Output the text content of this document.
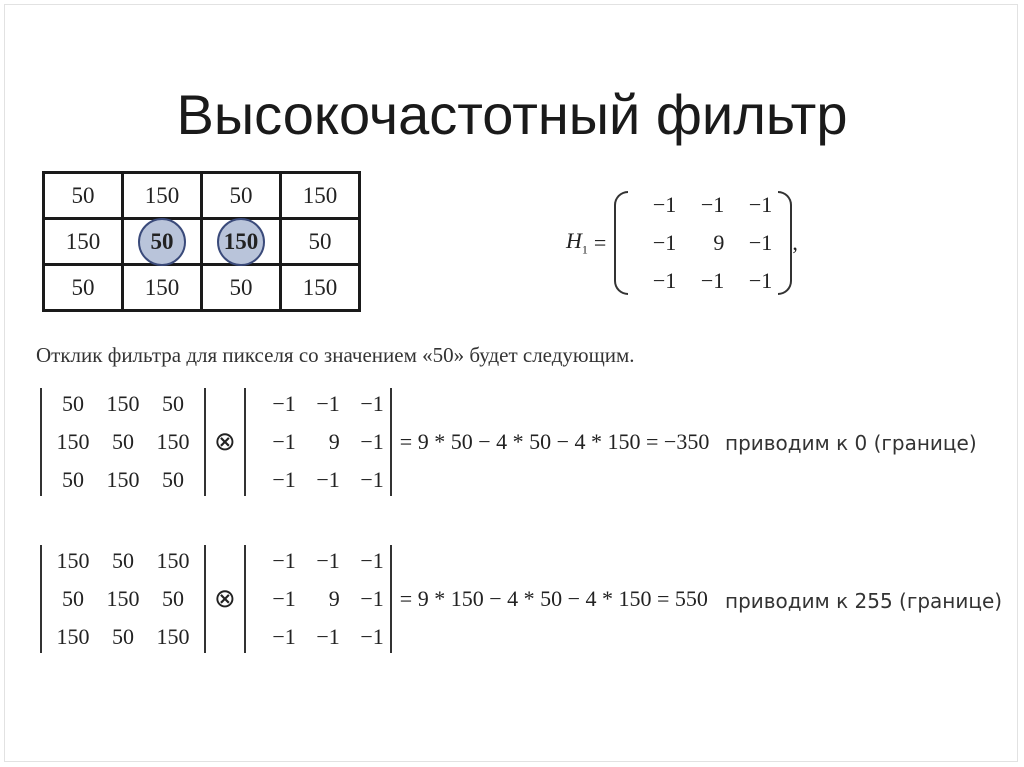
Высокочастотный фильтр
50	150	50	150
150	50	150	50
50	150	50	150
$H_1$ =
−1	−1	−1
−1	9	−1
−1	−1	−1
,
Отклик фильтра для пикселя со значением «50» будет следующим.
50	150	50
150	50	150
50	150	50
⊗
−1 −1 −1
−1	9 −1
−1 −1 −1
= 9 * 50 − 4 * 50 − 4 * 150 = −350 приводим к 0 (границе)
150	50	150
50	150	50
150	50	150
⊗
−1 −1 −1
−1	9 −1
−1 −1 −1
= 9 * 150 − 4 * 50 − 4 * 150 = 550 приводим к 255 (границе)
